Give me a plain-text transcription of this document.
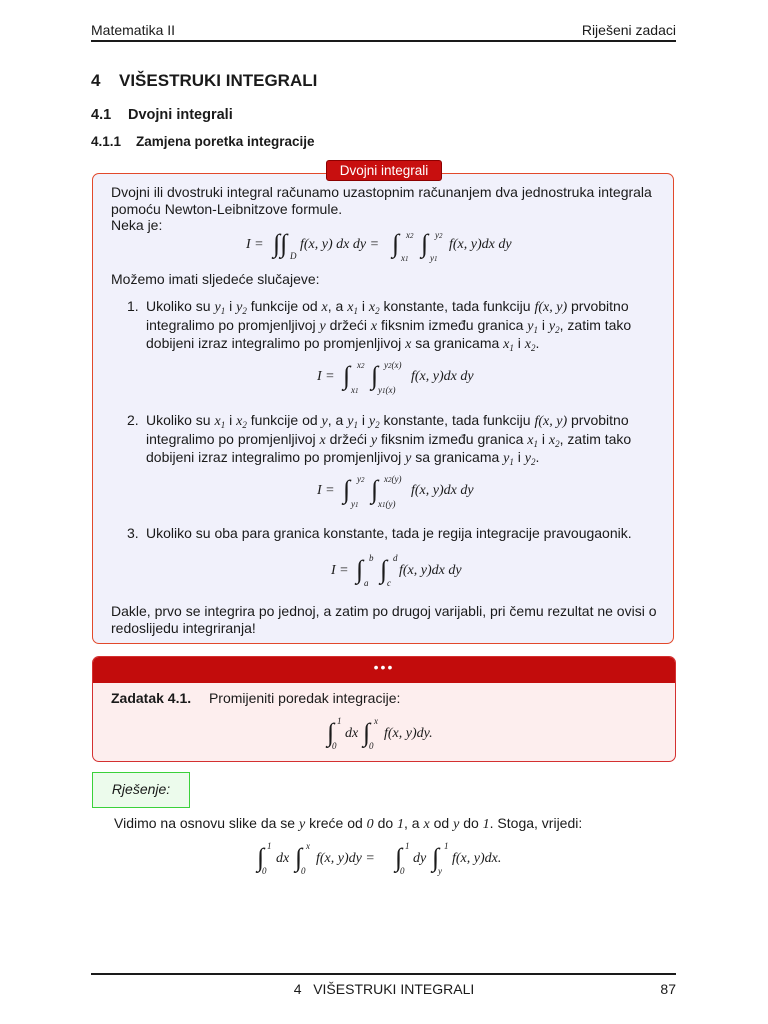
Matematika II	Riješeni zadaci
4 VIŠESTRUKI INTEGRALI
4.1 Dvojni integrali
4.1.1 Zamjena poretka integracije
Dvojni integrali
Dvojni ili dvostruki integral računamo uzastopnim računanjem dva jednostruka integrala
pomoću Newton-Leibnitzove formule.
Neka je:
I = ∫∫ D
f(x, y) dx dy = ∫ x2
x1
∫ y2
y1
f(x, y)dx dy
Možemo imati sljedeće slučajeve:
1. Ukoliko su $y_1$ i $y_2$ funkcije od x, a $x_1$ i $x_2$ konstante, tada funkciju f(x, y) prvobitno
integralimo po promjenljivoj y držeći x fiksnim između granica $y_1$ i $y_2$, zatim tako
dobijeni izraz integralimo po promjenljivoj x sa granicama $x_1$ i $x_2$.
I = ∫ x2
x1
∫ y2(x)
y1(x)
f(x, y)dx dy
2. Ukoliko su $x_1$ i $x_2$ funkcije od y, a $y_1$ i $y_2$ konstante, tada funkciju f(x, y) prvobitno
integralimo po promjenljivoj x držeći y fiksnim između granica $x_1$ i $x_2$, zatim tako
dobijeni izraz integralimo po promjenljivoj y sa granicama $y_1$ i $y_2$.
I = ∫ y2
y1
∫ x2(y)
x1(y)
f(x, y)dx dy
3. Ukoliko su oba para granica konstante, tada je regija integracije pravougaonik.
I = ∫ b
a ∫ d
c
f(x, y)dx dy
Dakle, prvo se integrira po jednoj, a zatim po drugoj varijabli, pri čemu rezultat ne ovisi o
redoslijedu integriranja!
•••
Zadatak 4.1. Promijeniti poredak integracije:
∫ 1
0
dx ∫ x
0
f(x, y)dy.
Rješenje:
Vidimo na osnovu slike da se y kreće od 0 do 1, a x od y do 1. Stoga, vrijedi:
∫ 1
0
dx ∫ x
0
f(x, y)dy = ∫ 1
0
dy ∫ 1
y
f(x, y)dx.
4   VIŠESTRUKI INTEGRALI	87
